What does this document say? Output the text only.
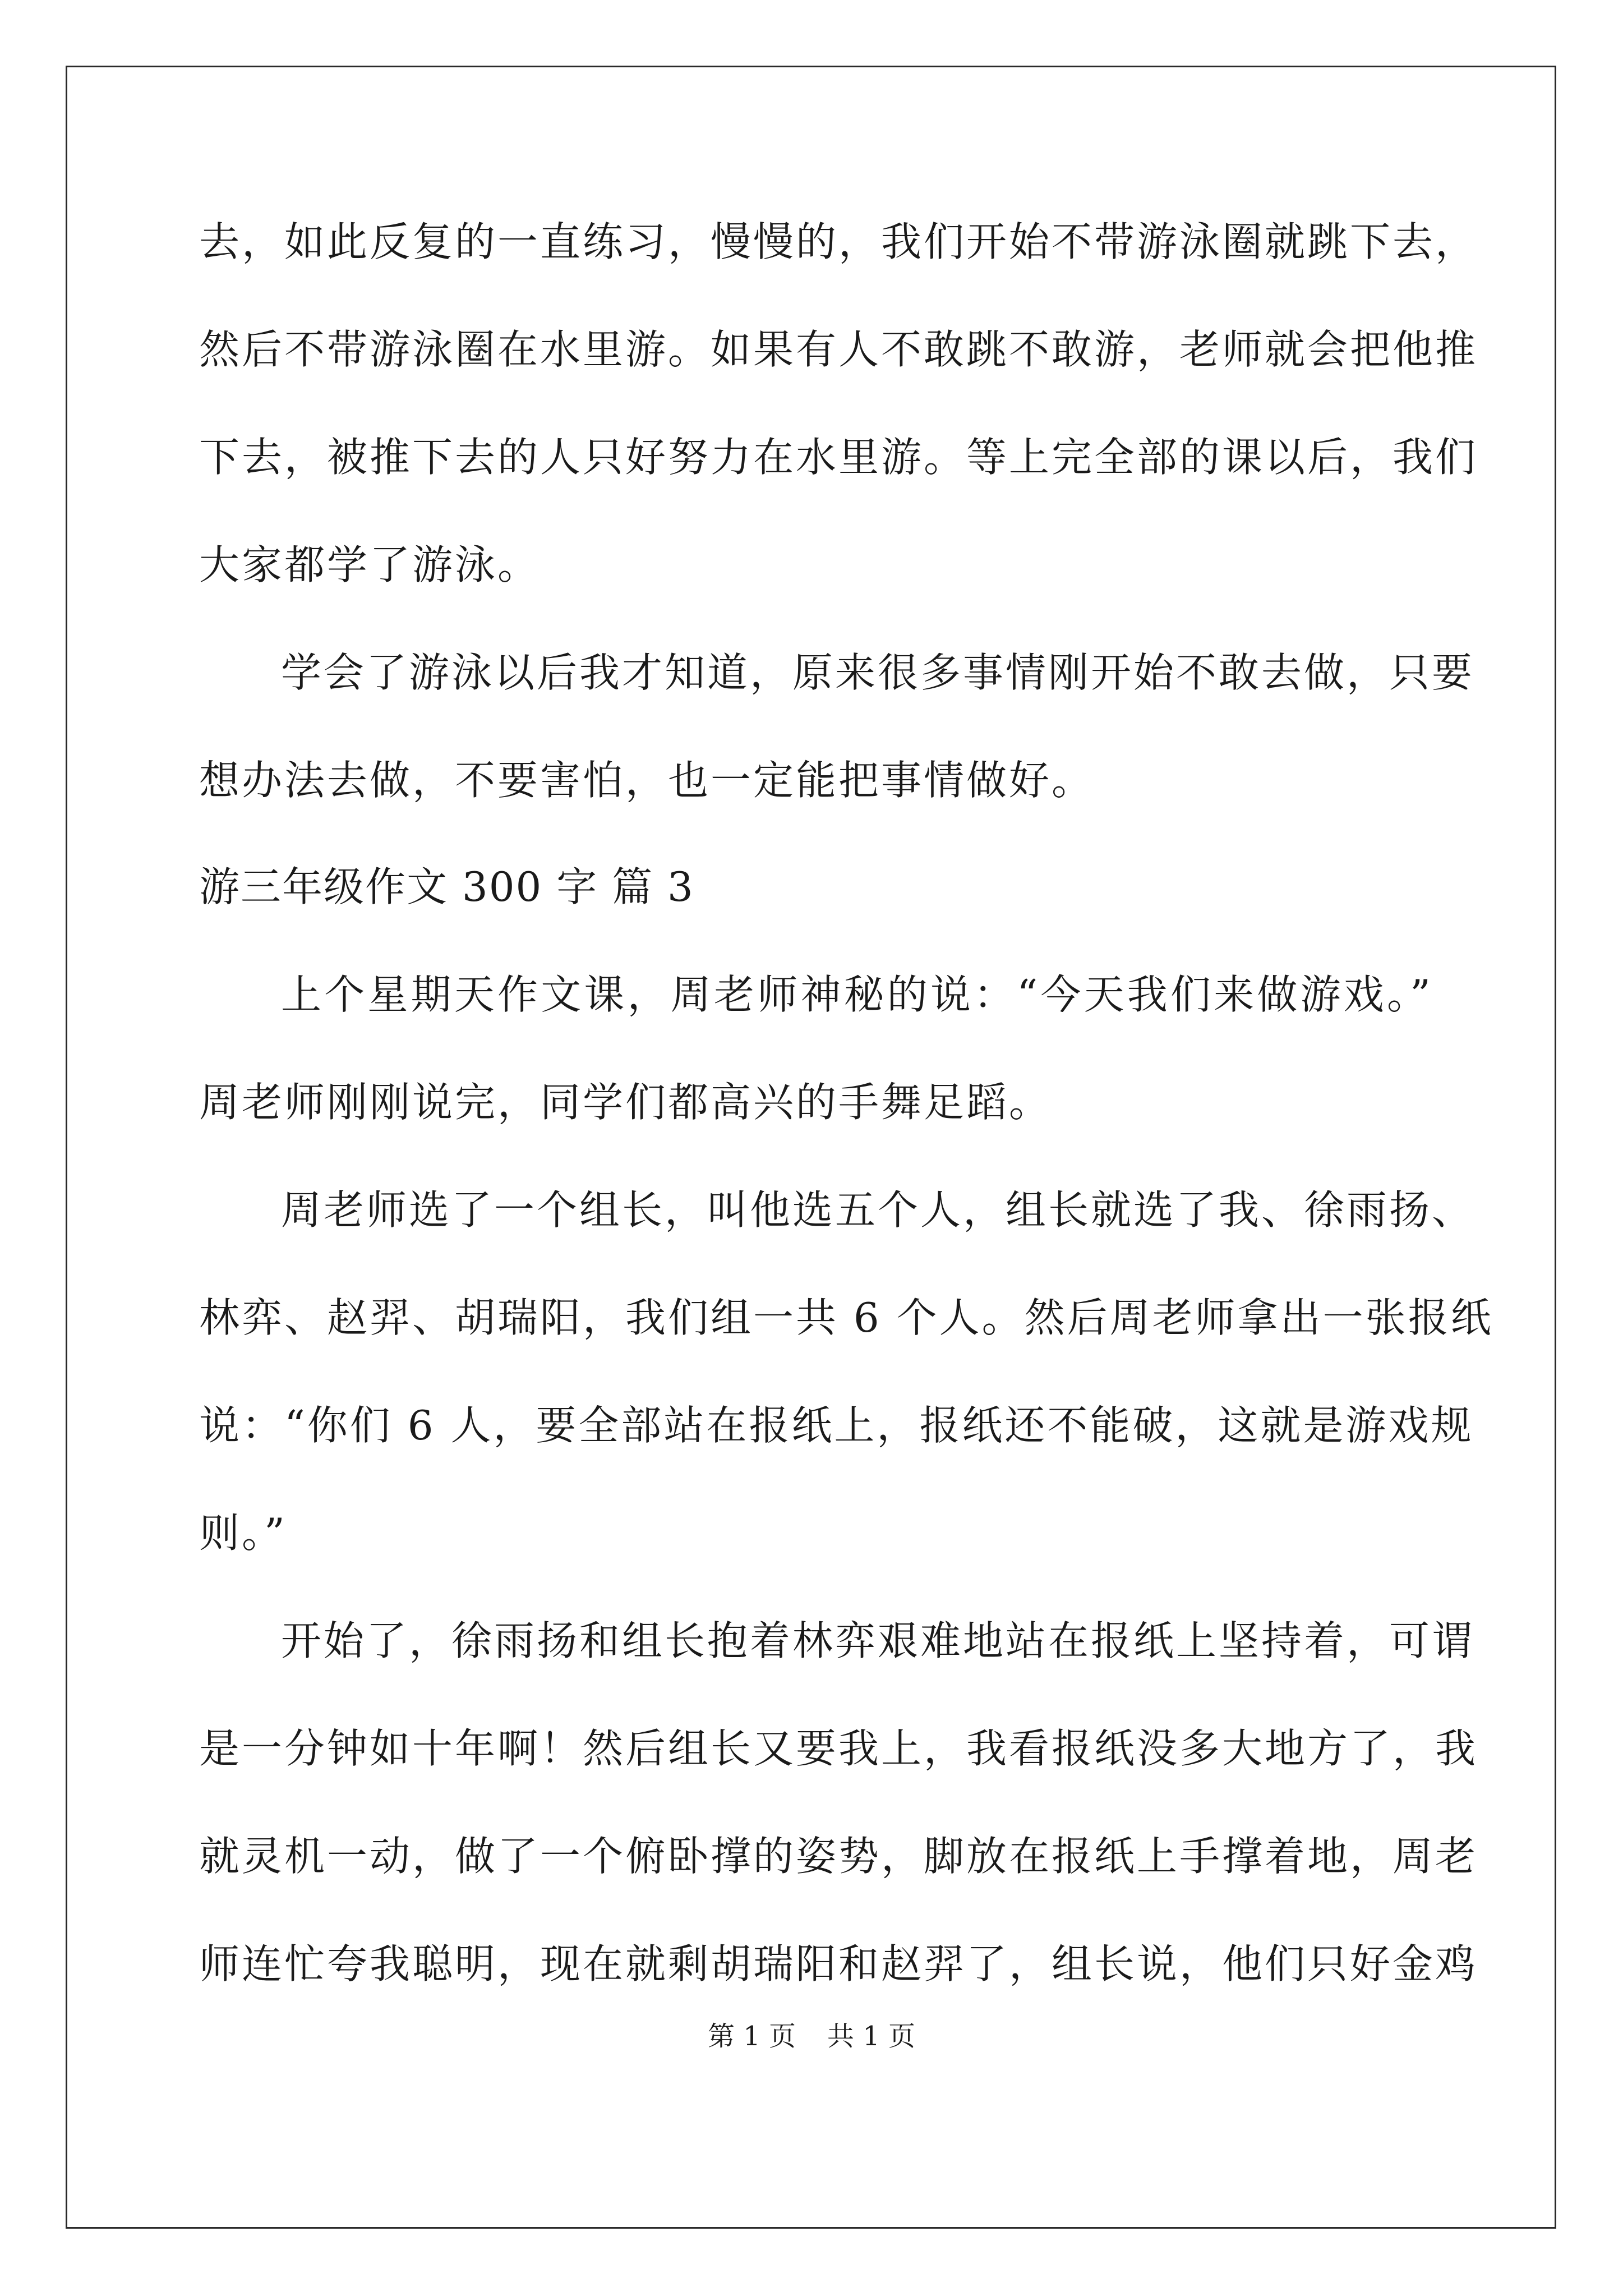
去，如此反复的一直练习，慢慢的，我们开始不带游泳圈就跳下去，
然后不带游泳圈在水里游。如果有人不敢跳不敢游，老师就会把他推
下去，被推下去的人只好努力在水里游。等上完全部的课以后，我们
大家都学了游泳。
学会了游泳以后我才知道，原来很多事情刚开始不敢去做，只要
想办法去做，不要害怕，也一定能把事情做好。
游三年级作文 300 字 篇 3
上个星期天作文课，周老师神秘的说：“今天我们来做游戏。”
周老师刚刚说完，同学们都高兴的手舞足蹈。
周老师选了一个组长，叫他选五个人，组长就选了我、徐雨扬、
林弈、赵羿、胡瑞阳，我们组一共 6 个人。然后周老师拿出一张报纸
说：“你们 6 人，要全部站在报纸上，报纸还不能破，这就是游戏规
则。”
开始了，徐雨扬和组长抱着林弈艰难地站在报纸上坚持着，可谓
是一分钟如十年啊！然后组长又要我上，我看报纸没多大地方了，我
就灵机一动，做了一个俯卧撑的姿势，脚放在报纸上手撑着地，周老
师连忙夸我聪明，现在就剩胡瑞阳和赵羿了，组长说，他们只好金鸡
第 1 页 共 1 页
